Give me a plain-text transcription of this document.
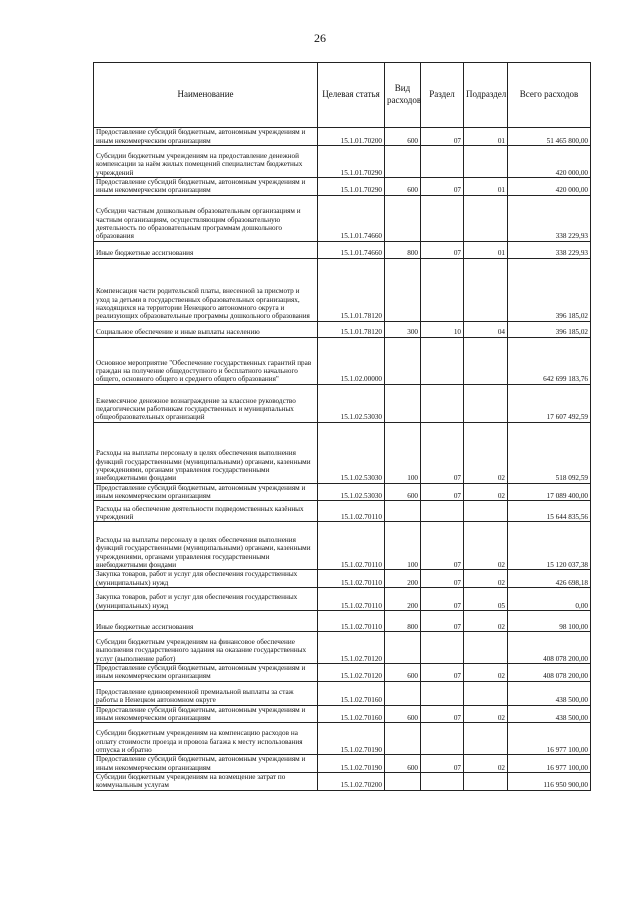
26
Наименование	Целевая статья	Вид расходов	Раздел	Подраздел	Всего расходов
Предоставление субсидий бюджетным, автономным учреждениям и иным некоммерческим организациям	15.1.01.70200	600	07	01	51 465 800,00
Субсидии бюджетным учреждениям на предоставление денежной компенсации за наём жилых помещений специалистам бюджетных учреждений	15.1.01.70290				420 000,00
Предоставление субсидий бюджетным, автономным учреждениям и иным некоммерческим организациям	15.1.01.70290	600	07	01	420 000,00
Субсидии частным дошкольным образовательным организациям и частным организациям, осуществляющим образовательную деятельность по образовательным программам дошкольного образования	15.1.01.74660				338 229,93
Иные бюджетные ассигнования	15.1.01.74660	800	07	01	338 229,93
Компенсация части родительской платы, внесенной за присмотр и уход за детьми в государственных образовательных организациях, находящихся на территории Ненецкого автономного округа и реализующих образовательные программы дошкольного образования	15.1.01.78120				396 185,02
Социальное обеспечение и иные выплаты населению	15.1.01.78120	300	10	04	396 185,02
Основное мероприятие "Обеспечение государственных гарантий прав граждан на получение общедоступного и бесплатного начального общего, основного общего и среднего общего образования"	15.1.02.00000				642 699 183,76
Ежемесячное денежное вознаграждение за классное руководство педагогическим работникам государственных и муниципальных общеобразовательных организаций	15.1.02.53030				17 607 492,59
Расходы на выплаты персоналу в целях обеспечения выполнения функций государственными (муниципальными) органами, казенными учреждениями, органами управления государственными внебюджетными фондами	15.1.02.53030	100	07	02	518 092,59
Предоставление субсидий бюджетным, автономным учреждениям и иным некоммерческим организациям	15.1.02.53030	600	07	02	17 089 400,00
Расходы на обеспечение деятельности подведомственных казённых учреждений	15.1.02.70110				15 644 835,56
Расходы на выплаты персоналу в целях обеспечения выполнения функций государственными (муниципальными) органами, казенными учреждениями, органами управления государственными внебюджетными фондами	15.1.02.70110	100	07	02	15 120 037,38
Закупка товаров, работ и услуг для обеспечения государственных (муниципальных) нужд	15.1.02.70110	200	07	02	426 698,18
Закупка товаров, работ и услуг для обеспечения государственных (муниципальных) нужд	15.1.02.70110	200	07	05	0,00
Иные бюджетные ассигнования	15.1.02.70110	800	07	02	98 100,00
Субсидии бюджетным учреждениям на финансовое обеспечение выполнения государственного задания на оказание государственных услуг (выполнение работ)	15.1.02.70120				408 078 200,00
Предоставление субсидий бюджетным, автономным учреждениям и иным некоммерческим организациям	15.1.02.70120	600	07	02	408 078 200,00
Предоставление единовременной премиальной выплаты за стаж работы в Ненецком автономном округе	15.1.02.70160				438 500,00
Предоставление субсидий бюджетным, автономным учреждениям и иным некоммерческим организациям	15.1.02.70160	600	07	02	438 500,00
Субсидии бюджетным учреждениям на компенсацию расходов на оплату стоимости проезда и провоза багажа к месту использования отпуска и обратно	15.1.02.70190				16 977 100,00
Предоставление субсидий бюджетным, автономным учреждениям и иным некоммерческим организациям	15.1.02.70190	600	07	02	16 977 100,00
Субсидии бюджетным учреждениям на возмещение затрат по коммунальным услугам	15.1.02.70200				116 950 900,00
